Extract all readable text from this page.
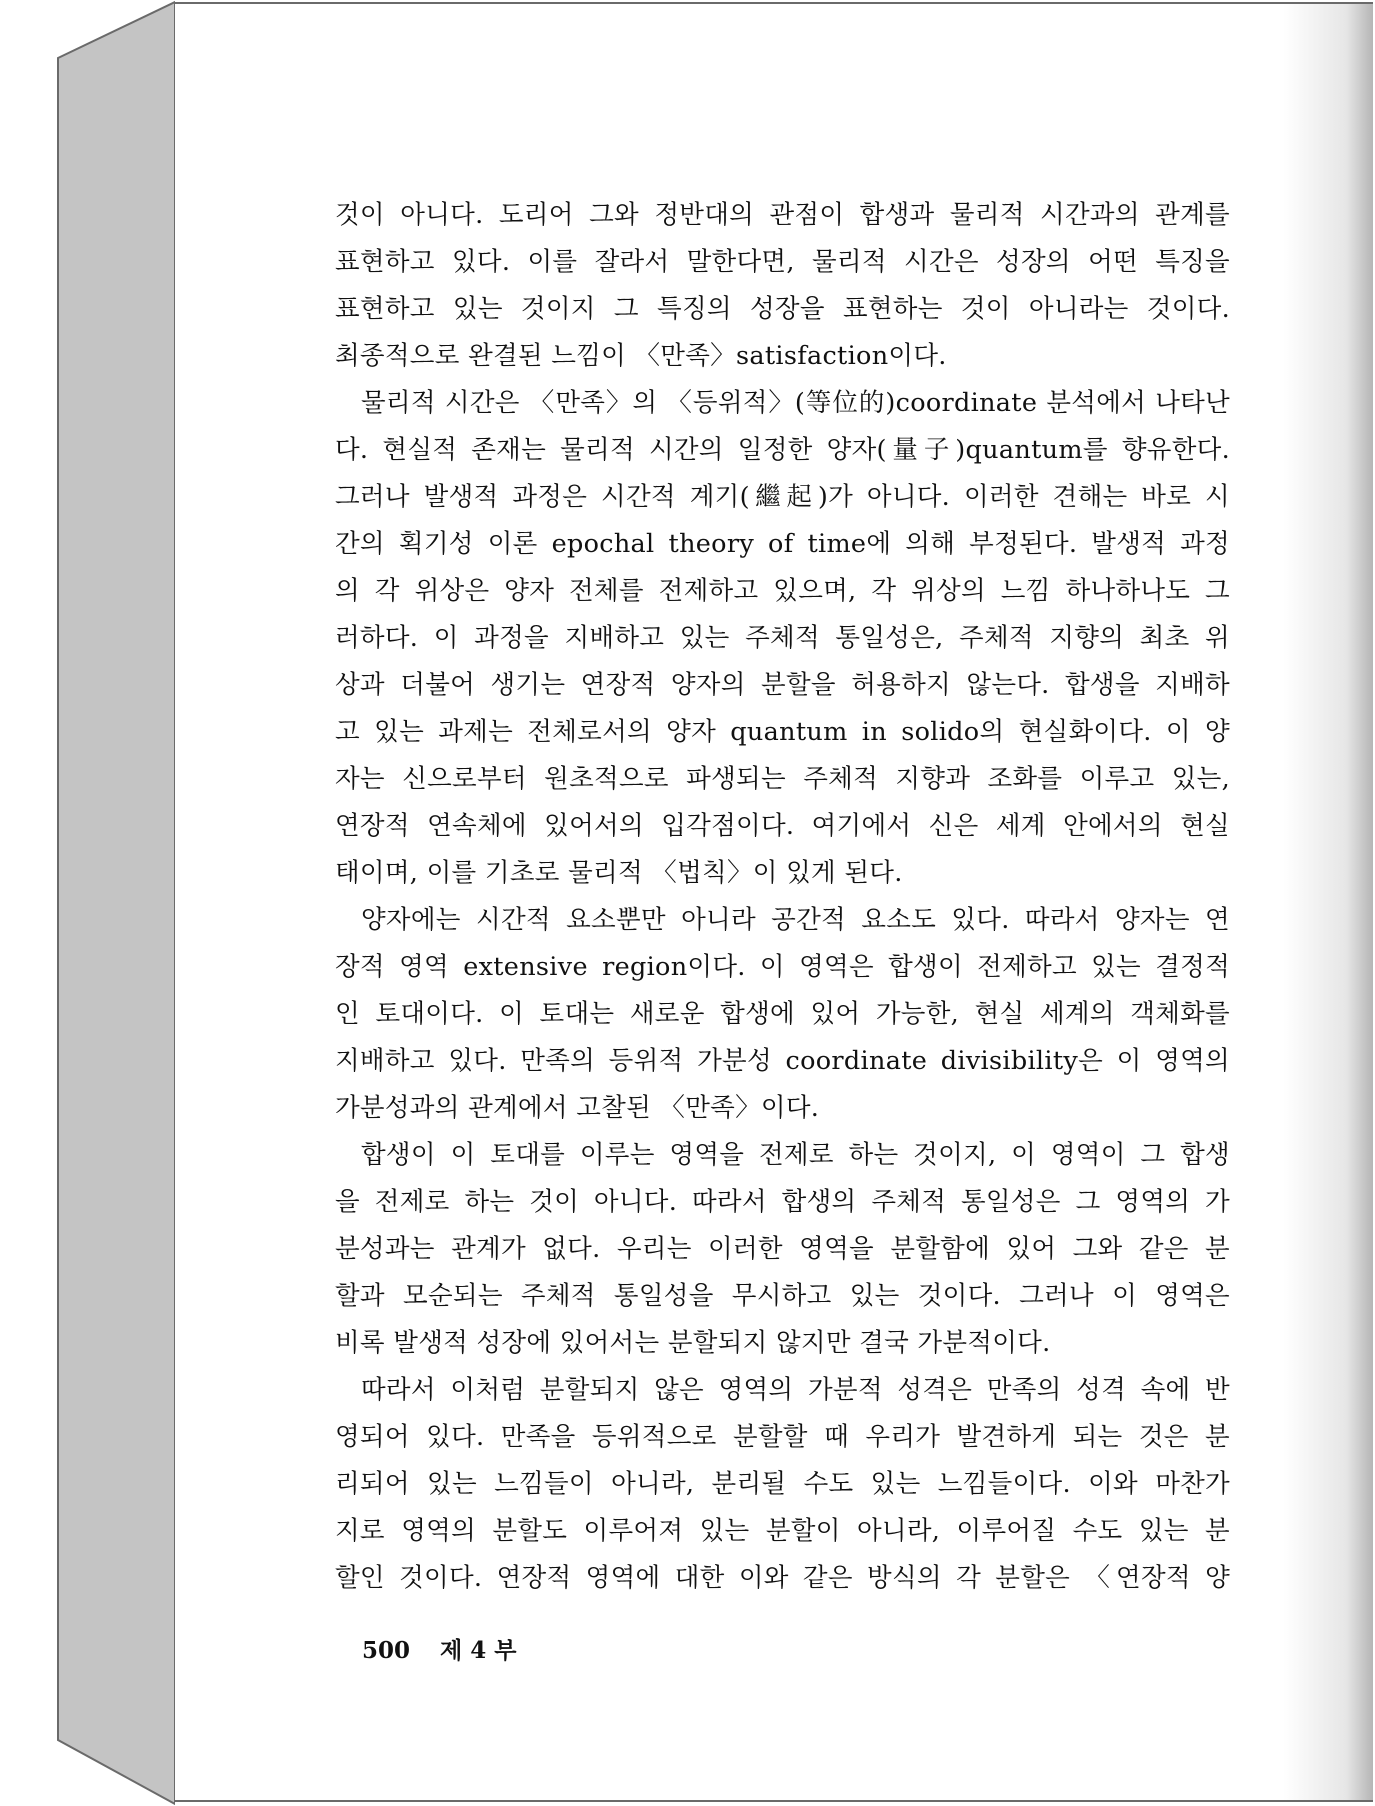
것이 아니다. 도리어 그와 정반대의 관점이 합생과 물리적 시간과의 관계를
표현하고 있다. 이를 잘라서 말한다면, 물리적 시간은 성장의 어떤 특징을
표현하고 있는 것이지 그 특징의 성장을 표현하는 것이 아니라는 것이다.
최종적으로 완결된 느낌이 〈만족〉satisfaction이다.
물리적 시간은 〈만족〉의 〈등위적〉(等位的)coordinate 분석에서 나타난
다. 현실적 존재는 물리적 시간의 일정한 양자(量子)quantum를 향유한다.
그러나 발생적 과정은 시간적 계기(繼起)가 아니다. 이러한 견해는 바로 시
간의 획기성 이론 epochal theory of time에 의해 부정된다. 발생적 과정
의 각 위상은 양자 전체를 전제하고 있으며, 각 위상의 느낌 하나하나도 그
러하다. 이 과정을 지배하고 있는 주체적 통일성은, 주체적 지향의 최초 위
상과 더불어 생기는 연장적 양자의 분할을 허용하지 않는다. 합생을 지배하
고 있는 과제는 전체로서의 양자 quantum in solido의 현실화이다. 이 양
자는 신으로부터 원초적으로 파생되는 주체적 지향과 조화를 이루고 있는,
연장적 연속체에 있어서의 입각점이다. 여기에서 신은 세계 안에서의 현실
태이며, 이를 기초로 물리적 〈법칙〉이 있게 된다.
양자에는 시간적 요소뿐만 아니라 공간적 요소도 있다. 따라서 양자는 연
장적 영역 extensive region이다. 이 영역은 합생이 전제하고 있는 결정적
인 토대이다. 이 토대는 새로운 합생에 있어 가능한, 현실 세계의 객체화를
지배하고 있다. 만족의 등위적 가분성 coordinate divisibility은 이 영역의
가분성과의 관계에서 고찰된 〈만족〉이다.
합생이 이 토대를 이루는 영역을 전제로 하는 것이지, 이 영역이 그 합생
을 전제로 하는 것이 아니다. 따라서 합생의 주체적 통일성은 그 영역의 가
분성과는 관계가 없다. 우리는 이러한 영역을 분할함에 있어 그와 같은 분
할과 모순되는 주체적 통일성을 무시하고 있는 것이다. 그러나 이 영역은
비록 발생적 성장에 있어서는 분할되지 않지만 결국 가분적이다.
따라서 이처럼 분할되지 않은 영역의 가분적 성격은 만족의 성격 속에 반
영되어 있다. 만족을 등위적으로 분할할 때 우리가 발견하게 되는 것은 분
리되어 있는 느낌들이 아니라, 분리될 수도 있는 느낌들이다. 이와 마찬가
지로 영역의 분할도 이루어져 있는 분할이 아니라, 이루어질 수도 있는 분
할인 것이다. 연장적 영역에 대한 이와 같은 방식의 각 분할은 〈연장적 양
500 제 4 부
